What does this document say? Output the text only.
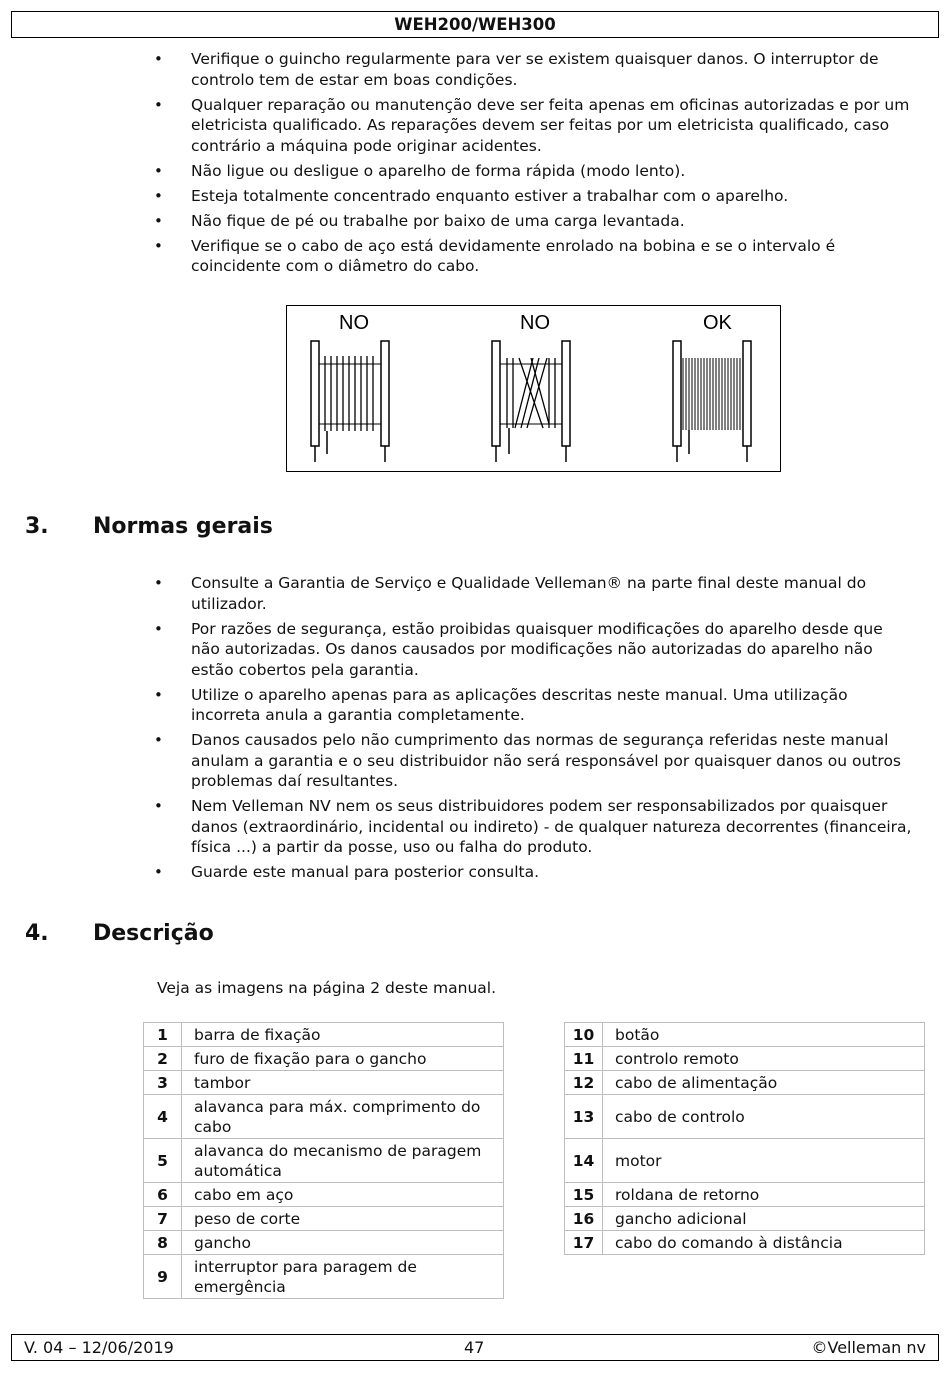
WEH200/WEH300
• Verifique o guincho regularmente para ver se existem quaisquer danos. O interruptor de controlo tem de estar em boas condições.
• Qualquer reparação ou manutenção deve ser feita apenas em oficinas autorizadas e por um eletricista qualificado. As reparações devem ser feitas por um eletricista qualificado, caso contrário a máquina pode originar acidentes.
• Não ligue ou desligue o aparelho de forma rápida (modo lento).
• Esteja totalmente concentrado enquanto estiver a trabalhar com o aparelho.
• Não fique de pé ou trabalhe por baixo de uma carga levantada.
• Verifique se o cabo de aço está devidamente enrolado na bobina e se o intervalo é coincidente com o diâmetro do cabo.
NO	NO	OK
3. Normas gerais
• Consulte a Garantia de Serviço e Qualidade Velleman® na parte final deste manual do utilizador.
• Por razões de segurança, estão proibidas quaisquer modificações do aparelho desde que não autorizadas. Os danos causados por modificações não autorizadas do aparelho não estão cobertos pela garantia.
• Utilize o aparelho apenas para as aplicações descritas neste manual. Uma utilização incorreta anula a garantia completamente.
• Danos causados pelo não cumprimento das normas de segurança referidas neste manual anulam a garantia e o seu distribuidor não será responsável por quaisquer danos ou outros problemas daí resultantes.
• Nem Velleman NV nem os seus distribuidores podem ser responsabilizados por quaisquer danos (extraordinário, incidental ou indireto) - de qualquer natureza decorrentes (financeira, física ...) a partir da posse, uso ou falha do produto.
• Guarde este manual para posterior consulta.
4. Descrição
Veja as imagens na página 2 deste manual.
1	barra de fixação
2	furo de fixação para o gancho
3	tambor
4	alavanca para máx. comprimento do cabo
5	alavanca do mecanismo de paragem automática
6	cabo em aço
7	peso de corte
8	gancho
9	interruptor para paragem de emergência
10	botão
11	controlo remoto
12	cabo de alimentação
13	cabo de controlo
14	motor
15	roldana de retorno
16	gancho adicional
17	cabo do comando à distância
V. 04 – 12/06/2019	47	©Velleman nv
